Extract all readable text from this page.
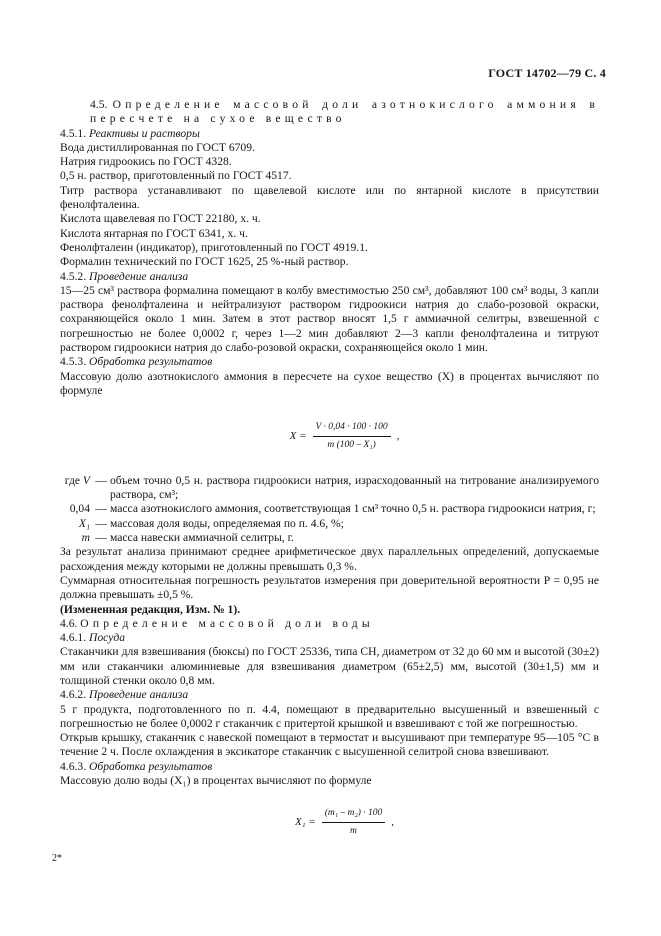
ГОСТ 14702—79 С. 4

4.5. Определение массовой доли азотнокислого аммония в пересчете на сухое вещество

4.5.1. Реактивы и растворы

Вода дистиллированная по ГОСТ 6709.

Натрия гидроокись по ГОСТ 4328.

0,5 н. раствор, приготовленный по ГОСТ 4517.

Титр раствора устанавливают по щавелевой кислоте или по янтарной кислоте в присутствии фенолфталеина.

Кислота щавелевая по ГОСТ 22180, х. ч.

Кислота янтарная по ГОСТ 6341, х. ч.

Фенолфталеин (индикатор), приготовленный по ГОСТ 4919.1.

Формалин технический по ГОСТ 1625, 25 %-ный раствор.

4.5.2. Проведение анализа

15—25 см³ раствора формалина помещают в колбу вместимостью 250 см³, добавляют 100 см³ воды, 3 капли раствора фенолфталеина и нейтрализуют раствором гидроокиси натрия до слабо-розовой окраски, сохраняющейся около 1 мин. Затем в этот раствор вносят 1,5 г аммиачной селитры, взвешенной с погрешностью не более 0,0002 г, через 1—2 мин добавляют 2—3 капли фенолфталеина и титруют раствором гидроокиси натрия до слабо-розовой окраски, сохраняющейся около 1 мин.

4.5.3. Обработка результатов

Массовую долю азотнокислого аммония в пересчете на сухое вещество (X) в процентах вычисляют по формуле

$X = \frac{V \cdot 0,04 \cdot 100 \cdot 100}{\text{m (100 – X₁)}}$ ,
где V — объем точно 0,5 н. раствора гидроокиси натрия, израсходованный на титрование анализируемого раствора, см³;
0,04 — масса азотнокислого аммония, соответствующая 1 см³ точно 0,5 н. раствора гидроокиси натрия, г;
X₁ — массовая доля воды, определяемая по п. 4.6, %;
m — масса навески аммиачной селитры, г.

За результат анализа принимают среднее арифметическое двух параллельных определений, допускаемые расхождения между которыми не должны превышать 0,3 %.

Суммарная относительная погрешность результатов измерения при доверительной вероятности P = 0,95 не должна превышать ±0,5 %.

(Измененная редакция, Изм. № 1).

4.6. Определение массовой доли воды

4.6.1. Посуда

Стаканчики для взвешивания (бюксы) по ГОСТ 25336, типа СН, диаметром от 32 до 60 мм и высотой (30±2) мм или стаканчики алюминиевые для взвешивания диаметром (65±2,5) мм, высотой (30±1,5) мм и толщиной стенки около 0,8 мм.

4.6.2. Проведение анализа

5 г продукта, подготовленного по п. 4.4, помещают в предварительно высушенный и взвешенный с погрешностью не более 0,0002 г стаканчик с притертой крышкой и взвешивают с той же погрешностью.

Открыв крышку, стаканчик с навеской помещают в термостат и высушивают при температуре 95—105 °С в течение 2 ч. После охлаждения в эксикаторе стаканчик с высушенной селитрой снова взвешивают.

4.6.3. Обработка результатов

Массовую долю воды (X₁) в процентах вычисляют по формуле

$X_1 = \frac{\text{(m₁ – m₂) · 100}}{m}$ ,
2*
